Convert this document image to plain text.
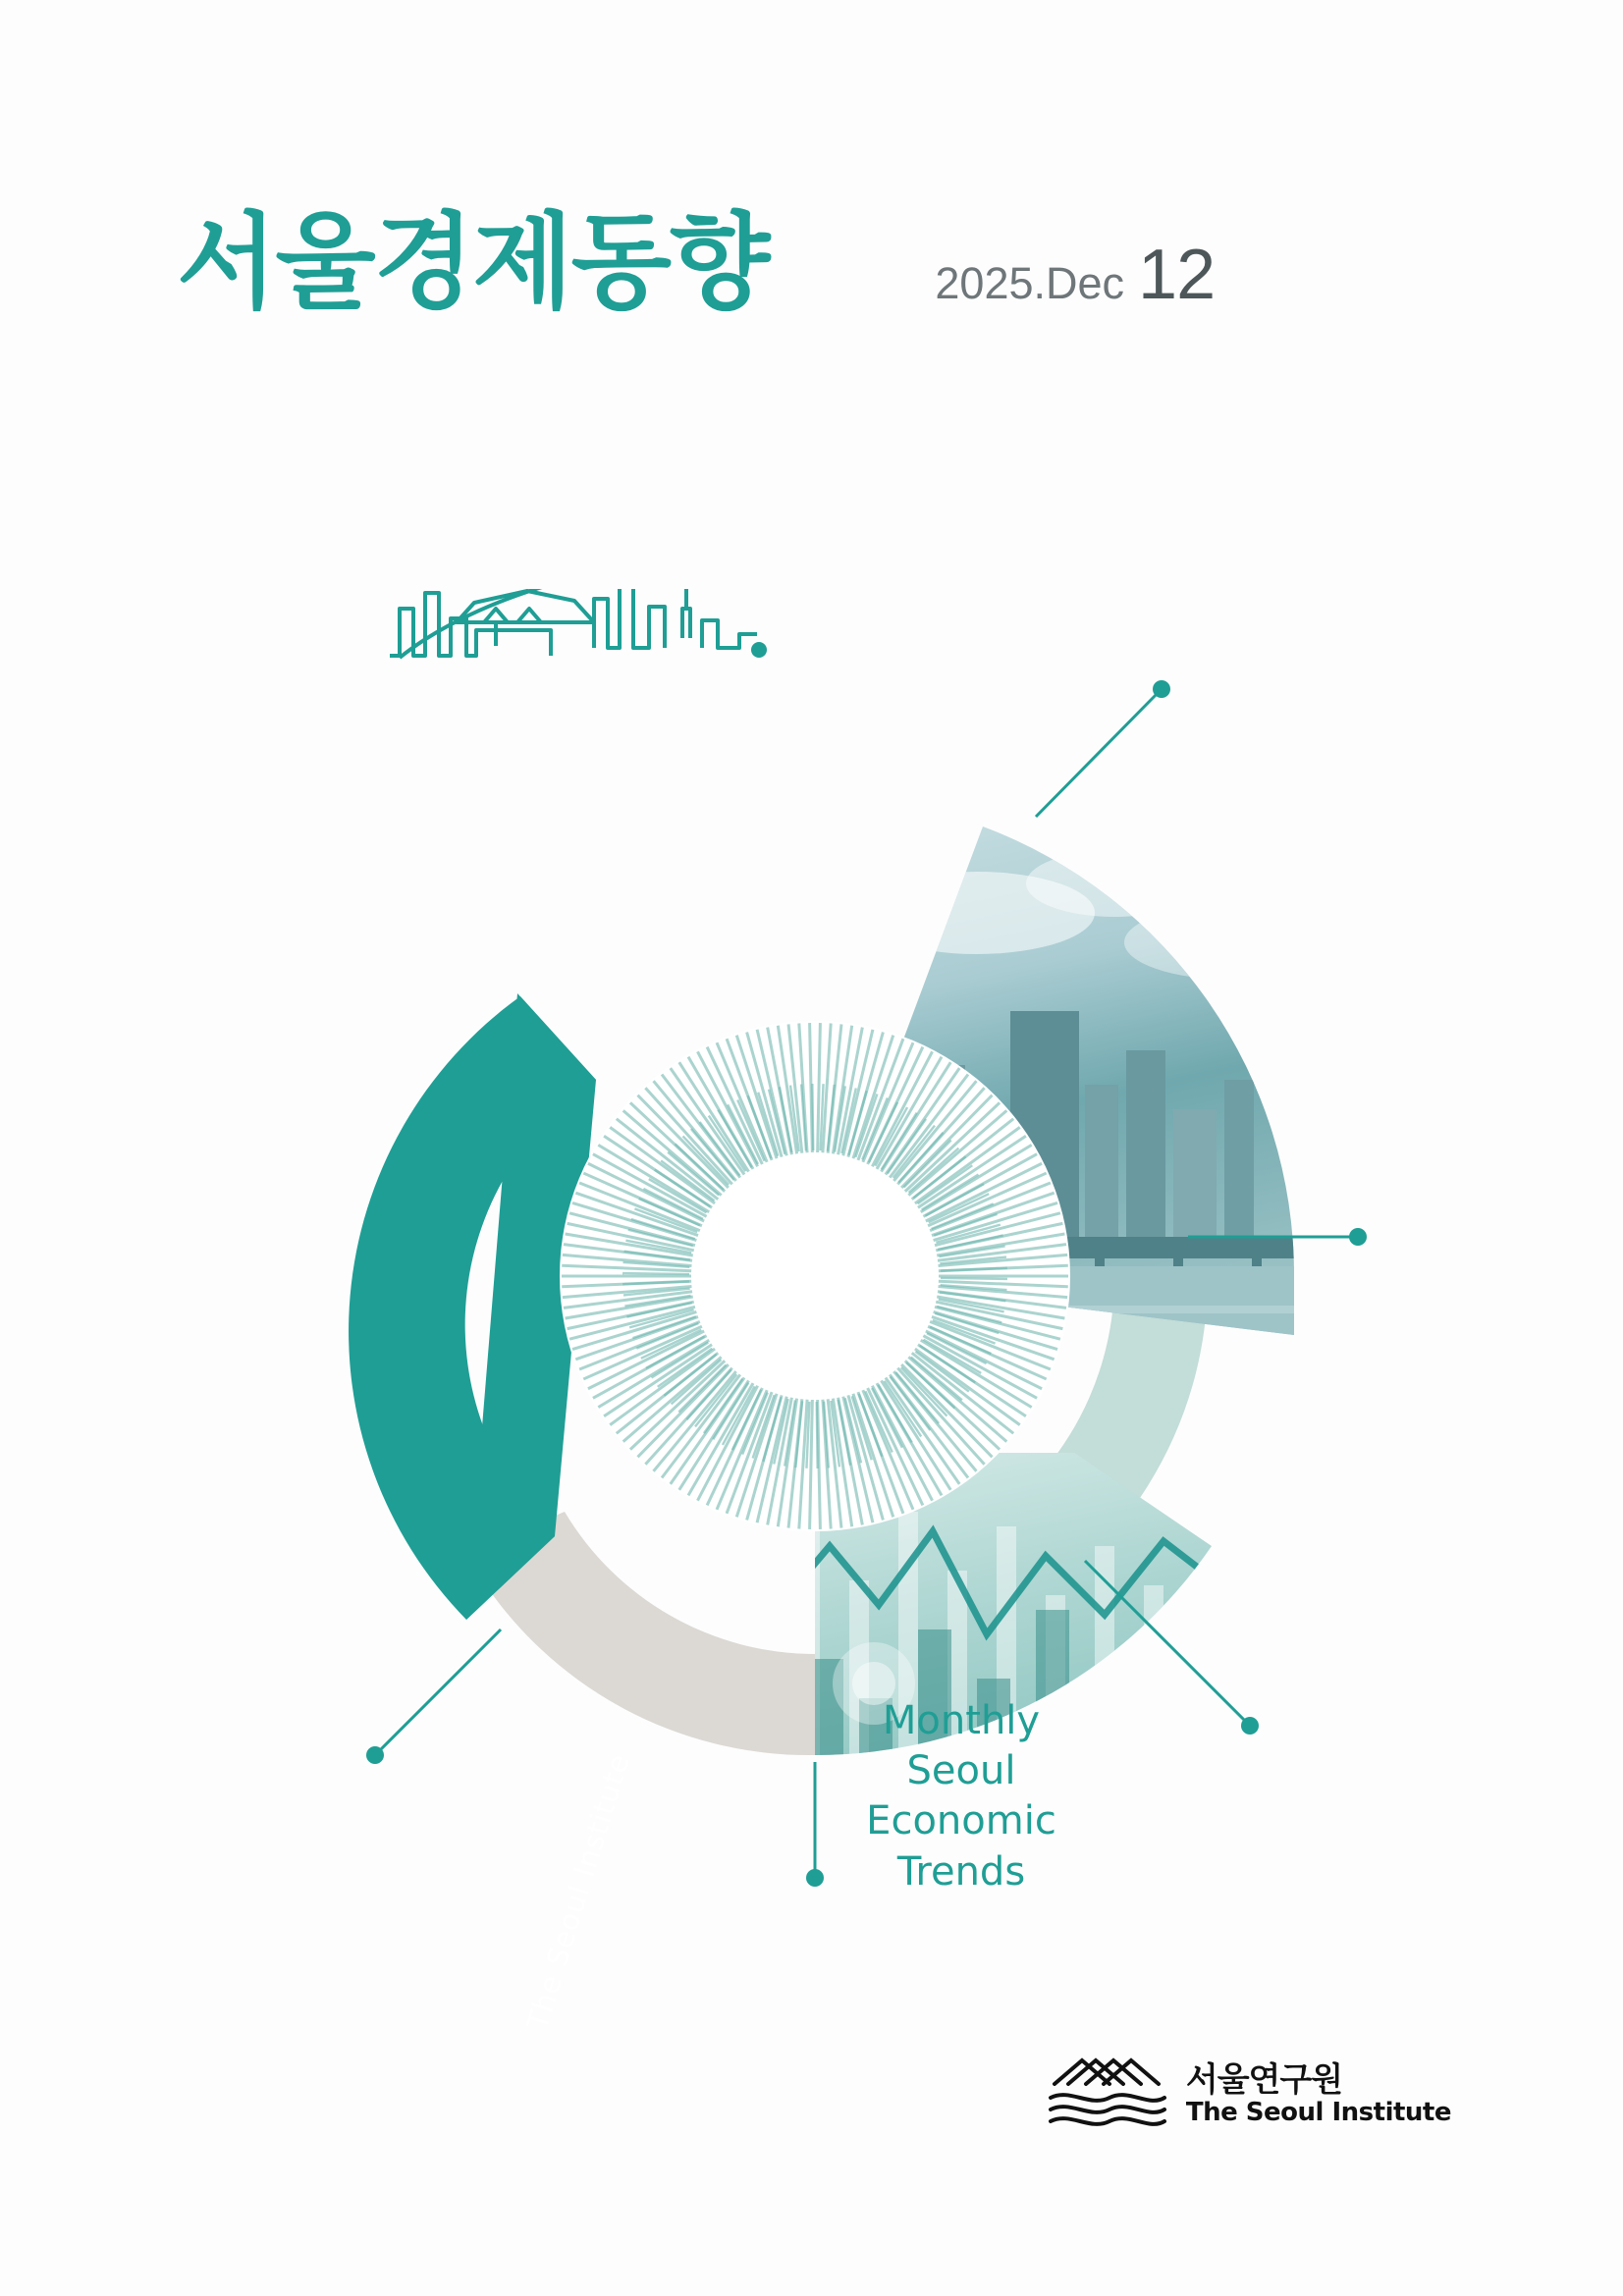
서울경제동향	2025.Dec 12
Monthly
Seoul
Economic
Trends
The Seoul Institute
서울연구원
The Seoul Institute
